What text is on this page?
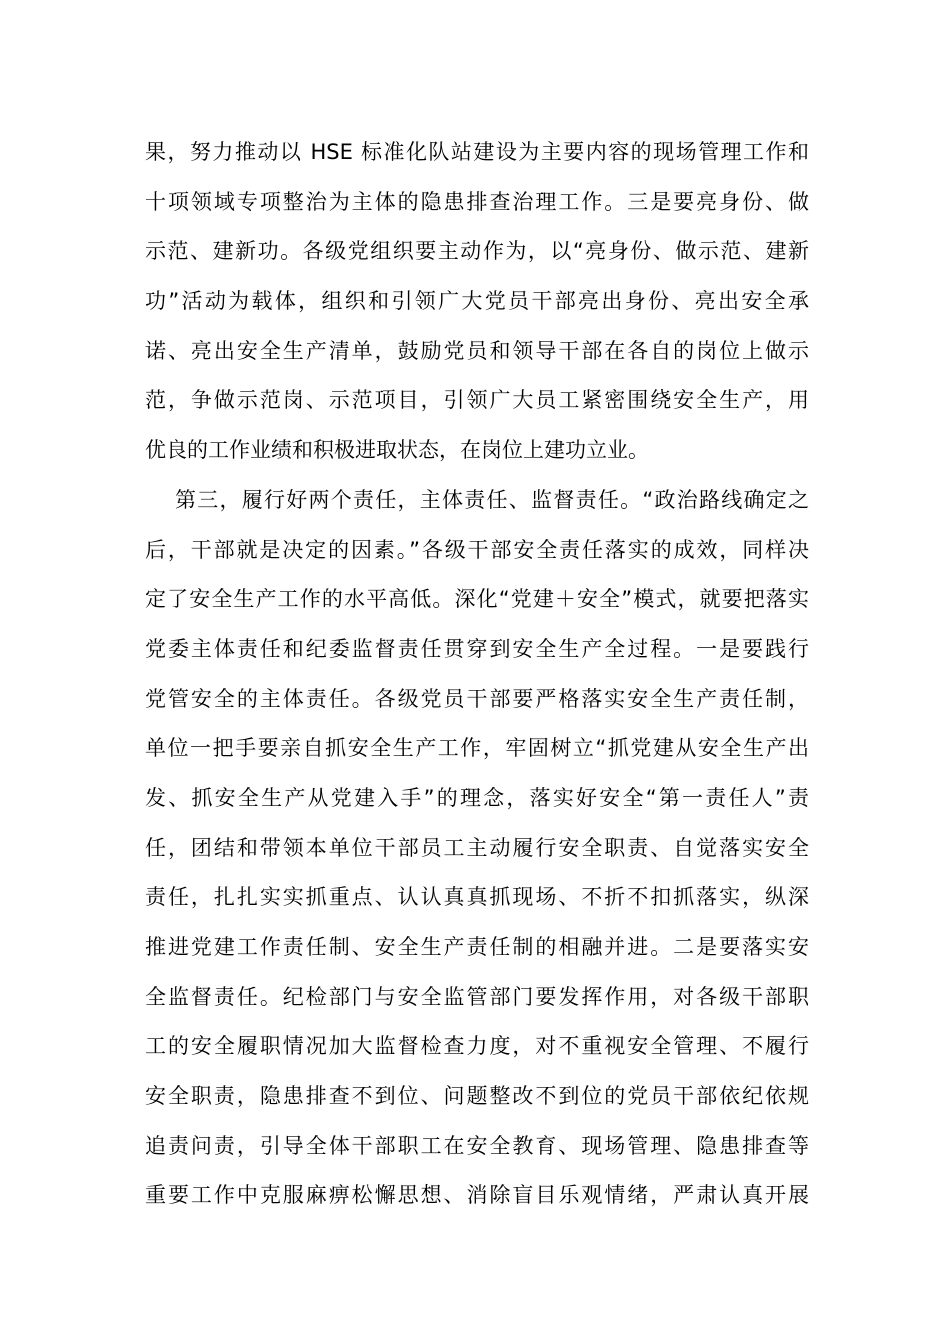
果，努力推动以 HSE 标准化队站建设为主要内容的现场管理工作和
十项领域专项整治为主体的隐患排查治理工作。三是要亮身份、做
示范、建新功。各级党组织要主动作为，以“亮身份、做示范、建新
功”活动为载体，组织和引领广大党员干部亮出身份、亮出安全承
诺、亮出安全生产清单，鼓励党员和领导干部在各自的岗位上做示
范，争做示范岗、示范项目，引领广大员工紧密围绕安全生产，用
优良的工作业绩和积极进取状态，在岗位上建功立业。
第三，履行好两个责任，主体责任、监督责任。“政治路线确定之
后，干部就是决定的因素。”各级干部安全责任落实的成效，同样决
定了安全生产工作的水平高低。深化“党建＋安全”模式，就要把落实
党委主体责任和纪委监督责任贯穿到安全生产全过程。一是要践行
党管安全的主体责任。各级党员干部要严格落实安全生产责任制，
单位一把手要亲自抓安全生产工作，牢固树立“抓党建从安全生产出
发、抓安全生产从党建入手”的理念，落实好安全“第一责任人”责
任，团结和带领本单位干部员工主动履行安全职责、自觉落实安全
责任，扎扎实实抓重点、认认真真抓现场、不折不扣抓落实，纵深
推进党建工作责任制、安全生产责任制的相融并进。二是要落实安
全监督责任。纪检部门与安全监管部门要发挥作用，对各级干部职
工的安全履职情况加大监督检查力度，对不重视安全管理、不履行
安全职责，隐患排查不到位、问题整改不到位的党员干部依纪依规
追责问责，引导全体干部职工在安全教育、现场管理、隐患排查等
重要工作中克服麻痹松懈思想、消除盲目乐观情绪，严肃认真开展
